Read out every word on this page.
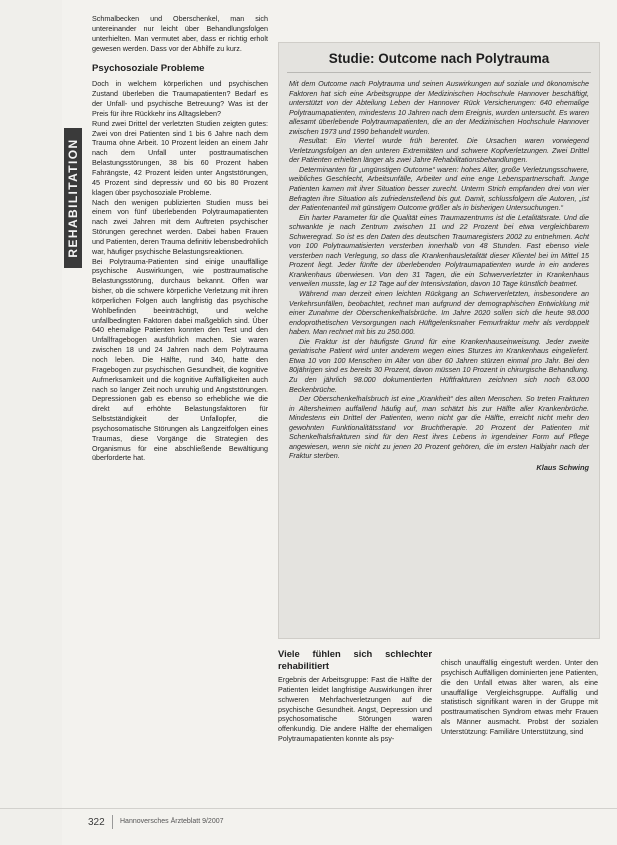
REHABILITATION

Schmalbecken und Oberschenkel, man sich untereinander nur leicht über Behandlungsfolgen unterhielten. Man vermutet aber, dass er richtig erholt gewesen werden. Dass vor der Abhilfe zu kurz.

Psychosoziale Probleme

Doch in welchem körperlichen und psychischen Zustand überleben die Traumapatienten? Bedarf es der Unfall- und psychische Betreuung? Was ist der Preis für ihre Rückkehr ins Alltagsleben?

Rund zwei Drittel der verletzten Studien zeigten gutes: Zwei von drei Patienten sind 1 bis 6 Jahre nach dem Trauma ohne Arbeit. 10 Prozent leiden an einem Jahr nach dem Unfall unter posttraumatischen Belastungsstörungen, 38 bis 60 Prozent haben Fahrängste, 42 Prozent leiden unter Angststörungen, 45 Prozent sind depressiv und 60 bis 80 Prozent klagen über psychosoziale Probleme.

Nach den wenigen publizierten Studien muss bei einem von fünf überlebenden Polytraumapatienten nach zwei Jahren mit dem Auftreten psychischer Störungen gerechnet werden. Dabei haben Frauen und Patienten, deren Trauma definitiv lebensbedrohlich war, häufiger psychische Belastungsreaktionen.

Bei Polytrauma-Patienten sind einige unauffällige psychische Auswirkungen, wie posttraumatische Belastungsstörung, durchaus bekannt. Offen war bisher, ob die schwere körperliche Verletzung mit ihren körperlichen Folgen auch langfristig das psychische Wohlbefinden beeinträchtigt, und welche unfallbedingten Faktoren dabei maßgeblich sind. Über 640 ehemalige Patienten konnten den Test und den Unfallfragebogen ausführlich machen. Sie waren zwischen 18 und 24 Jahren nach dem Polytrauma noch leben. Die Hälfte, rund 340, hatte den Fragebogen zur psychischen Gesundheit, die kognitive Aufmerksamkeit und die kognitive Auffälligkeiten auch nach so langer Zeit noch unruhig und Angststörungen. Depressionen gab es ebenso so erhebliche wie die direkt auf erhöhte Belastungsfaktoren für Selbstständigkeit der Unfallopfer, die psychosomatische Störungen als Langzeitfolgen eines Traumas, diese Vorgänge die Strategien des Organismus für eine abschließende Bewältigung überforderte hat.

Studie: Outcome nach Polytrauma

Mit dem Outcome nach Polytrauma und seinen Auswirkungen auf soziale und ökonomische Faktoren hat sich eine Arbeitsgruppe der Medizinischen Hochschule Hannover beschäftigt, unterstützt von der Abteilung Leben der Hannover Rück Versicherungen: 640 ehemalige Polytraumapatienten, mindestens 10 Jahren nach dem Ereignis, wurden untersucht. Es waren allesamt überlebende Polytraumapatienten, die an der Medizinischen Hochschule Hannover zwischen 1973 und 1990 behandelt wurden.

Resultat: Ein Viertel wurde früh berentet. Die Ursachen waren vorwiegend Verletzungsfolgen an den unteren Extremitäten und schwere Kopfverletzungen. Zwei Drittel der Patienten erhielten länger als zwei Jahre Rehabilitationsbehandlungen.

Determinanten für „ungünstigen Outcome“ waren: hohes Alter, große Verletzungsschwere, weibliches Geschlecht, Arbeitsunfälle, Arbeiter und eine enge Lebenspartnerschaft. Junge Patienten kamen mit ihrer Situation besser zurecht. Unterm Strich empfanden drei von vier Befragten ihre Situation als zufriedenstellend bis gut. Damit, schlussfolgern die Autoren, „ist der Patientenanteil mit günstigem Outcome größer als in bisherigen Untersuchungen.“

Ein harter Parameter für die Qualität eines Traumazentrums ist die Letalitätsrate. Und die schwankte je nach Zentrum zwischen 11 und 22 Prozent bei etwa vergleichbarem Schweregrad. So ist es den Daten des deutschen Traumaregisters 2002 zu entnehmen. Acht von 100 Polytraumatisierten versterben innerhalb von 48 Stunden. Fast ebenso viele versterben nach Verlegung, so dass die Krankenhausletalität dieser Klientel bei im Mittel 15 Prozent liegt. Jeder fünfte der überlebenden Polytraumapatienten wurde in ein anderes Krankenhaus überwiesen. Von den 31 Tagen, die ein Schwerverletzter in Krankenhaus verweilen musste, lag er 12 Tage auf der Intensivstation, davon 10 Tage künstlich beatmet.

Während man derzeit einen leichten Rückgang an Schwerverletzten, insbesondere an Verkehrsunfällen, beobachtet, rechnet man aufgrund der demographischen Entwicklung mit einer Zunahme der Oberschenkelhalsbrüche. Im Jahre 2020 sollen sich die heute 98.000 endoprothetischen Versorgungen nach Hüftgelenksnaher Femurfraktur mehr als verdoppelt haben. Man rechnet mit bis zu 250.000.

Die Fraktur ist der häufigste Grund für eine Krankenhauseinweisung. Jeder zweite geriatrische Patient wird unter anderem wegen eines Sturzes im Krankenhaus eingeliefert. Etwa 10 von 100 Menschen im Alter von über 60 Jahren stürzen einmal pro Jahr. Bei den 80jährigen sind es bereits 30 Prozent, davon müssen 10 Prozent in chirurgische Behandlung. Zu den jährlich 98.000 dokumentierten Hüftfrakturen zeichnen sich noch 63.000 Beckenbrüche.

Der Oberschenkelhalsbruch ist eine „Krankheit“ des alten Menschen. So treten Frakturen in Altersheimen auffallend häufig auf, man schätzt bis zur Hälfte aller Krankenbrüche. Mindestens ein Drittel der Patienten, wenn nicht gar die Hälfte, erreicht nicht mehr den gewohnten Funktionalitätsstand vor Bruchtherapie. 20 Prozent der Patienten mit Schenkelhalsfrakturen sind für den Rest ihres Lebens in irgendeiner Form auf Pflege angewiesen, wenn sie nicht zu jenen 20 Prozent gehören, die im ersten Halbjahr nach der Fraktur sterben.

Klaus Schwing
Viele fühlen sich schlechter rehabilitiert

Ergebnis der Arbeitsgruppe: Fast die Hälfte der Patienten leidet langfristige Auswirkungen ihrer schweren Mehrfachverletzungen auf die psychische Gesundheit. Angst, Depression und psychosomatische Störungen waren offenkundig. Die andere Hälfte der ehemaligen Polytraumapatienten konnte als psy-

chisch unauffällig eingestuft werden. Unter den psychisch Auffälligen dominierten jene Patienten, die den Unfall etwas älter waren, als eine unauffällige Vergleichsgruppe. Auffällig und statistisch signifikant waren in der Gruppe mit posttraumatischen Syndrom etwas mehr Frauen als Männer ausmacht. Probst der sozialen Unterstützung: Familiäre Unterstützung, sind

322 Hannoversches Ärzteblatt 9/2007
